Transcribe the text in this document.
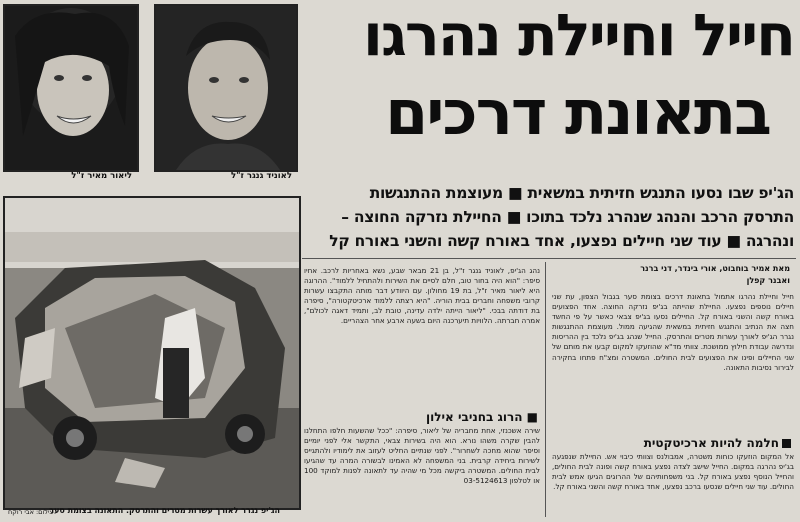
ליאור מאיר ז"ל	לאוניד גנגר ז"ל
חייל וחיילת נהרגו
בתאונת דרכים
הג'יפ שבו נסעו התנגש חזיתית במשאית ■ מעוצמת ההתנגשות
התרסק הרכב והנהג שנהרג נלכד בתוכו ■ החיילת נזרקה החוצה –
ונהרגה ■ עוד שני חיילים נפצעו, אחד באורח קשה והשני באורח קל
הג'יפ נגרר לאורך עשרות מטרים והתרסק. התאונה בצומת סער
צילום: אבי רוקח
מאת אמיר בוחבוט, אורי בינדר, דני ברנר
ואבנר קפלן
חייל וחיילת נהרגו אתמול בתאונת דרכים בצומת סער בגבול הצפון, עת שני חיילים נוספים נפצעו. החיילת שהייתה בג'יפ נזרקה החוצה. אחד הפצועים באורח קשה והשני באורח קל. החיילים נסעו בג'יפ צבאי כאשר על פי החשד חצה את הנתיב והתנגש חזיתית במשאית שהגיעה ממול. מעוצמת ההתנגשות נגרר הג'יפ לאורך עשרות מטרים והתרסק. החייל שנהג בג'יפ נלכד בין ההריסות ונדרשה עבודת חילוץ ממושכת. צוותי מד"א שהוזעקו למקום קבעו את מותם של שני החיילים ופינו את הפצועים לבית החולים. המשטרה ומצ"ח פתחו בחקירה לבירור נסיבות התאונה.
חלמה להיות ארכיטקטית
אל המקום הוזעקו כוחות משטרה, אמבולנס וצוותי כיבוי אש. החיילת שנפגעה בג'יפ נהרגה במקום. החייל שישב לצדה נפצע באורח קשה ופונה לבית החולים, והחייל הנוסף נפצע באורח קל. בני משפחותיהם של ההרוגים הגיעו אמש לבית החולים. עוד שני חיילים שנסעו ברכב נפצעו, אחד באורח קשה והשני באורח קל.
נהג הג'יפ, לאוניד גנגר ז"ל, בן 21 מבאר שבע, נשא באחריות לרכב. אחיו סיפר: "הוא היה בחור טוב, חלם לסיים את השירות ולהתחיל ללמוד". ההרוגה היא ליאור מאיר ז"ל, בת 19 מחולון. עם היוודע דבר מותה התקבצו עשרות קרובי משפחה וחברים בבית הוריה. "היא רצתה ללמוד ארכיטקטורה", סיפרה בת דודתה בבכי. "ליאור הייתה ילדה עדינה, טובת לב, ותמיד דאגה לכולם", אמרה חברתה. הלוויות תיערכנה היום בשעה ארבע אחר הצהריים.
■ הרוג בחניבי אילון
שירה אשכנזי, אחת מחבריה של ליאור, סיפרה: "ככל שהשעות חלפו התחלנו להבין שקרה משהו נורא. הוא היה בשירות צבאי, התקשר אלי לפני יומיים וסיפר שהוא מחכה לשחרור". לפני שנתיים החליט לעזוב את לימודיו ולהתגייס לשירות ביחידה קרבית. בני המשפחה לא האמינו לבשורה המרה עד שהגיעו לבית החולים. המשטרה ביקשה מכל מי שהיה עד לתאונה לפנות למוקד 100 או לטלפון 03-5124613
